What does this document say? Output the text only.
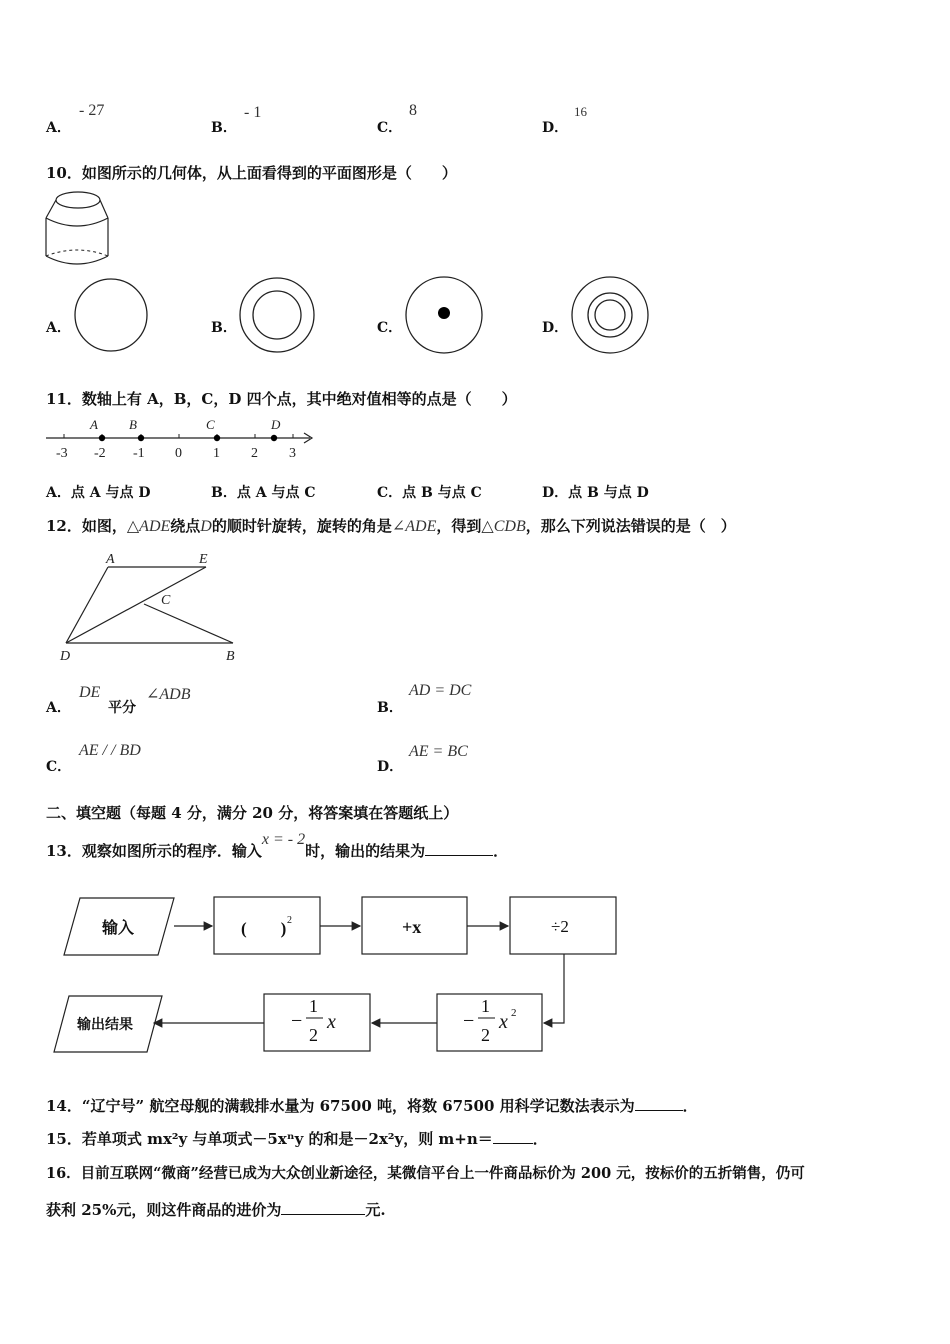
A．
- 27
B．
- 1
C．
8
D．
16
10．如图所示的几何体，从上面看得到的平面图形是（　　）
A．	B．	C．	D．
11．数轴上有 A，B，C，D 四个点，其中绝对值相等的点是（　　）
-3 -2 -1 0 1 2 3
A B	C	D
A．点 A 与点 D	B．点 A 与点 C	C．点 B 与点 C	D．点 B 与点 D
12．如图，△ADE绕点D的顺时针旋转，旋转的角是∠ADE，得到△CDB，那么下列说法错误的是（　）
A	E
C
D	B
A．
DE
平分
∠ADB
B．
AD = DC
C．
AE / / BD
D．
AE = BC
二、填空题（每题 4 分，满分 20 分，将答案填在答题纸上）
13．观察如图所示的程序．输入x = - 2时，输出的结果为	．
输入	(　　) 2	+x	÷2
−
1
2
x 2
−
1
2
x
输出结果
14．“辽宁号” 航空母舰的满载排水量为 67500 吨，将数 67500 用科学记数法表示为	．
15．若单项式 mx²y 与单项式－5xⁿy 的和是－2x²y，则 m+n＝	．
16．目前互联网“微商”经营已成为大众创业新途径，某微信平台上一件商品标价为 200 元，按标价的五折销售，仍可
获利 25%元，则这件商品的进价为	元.
